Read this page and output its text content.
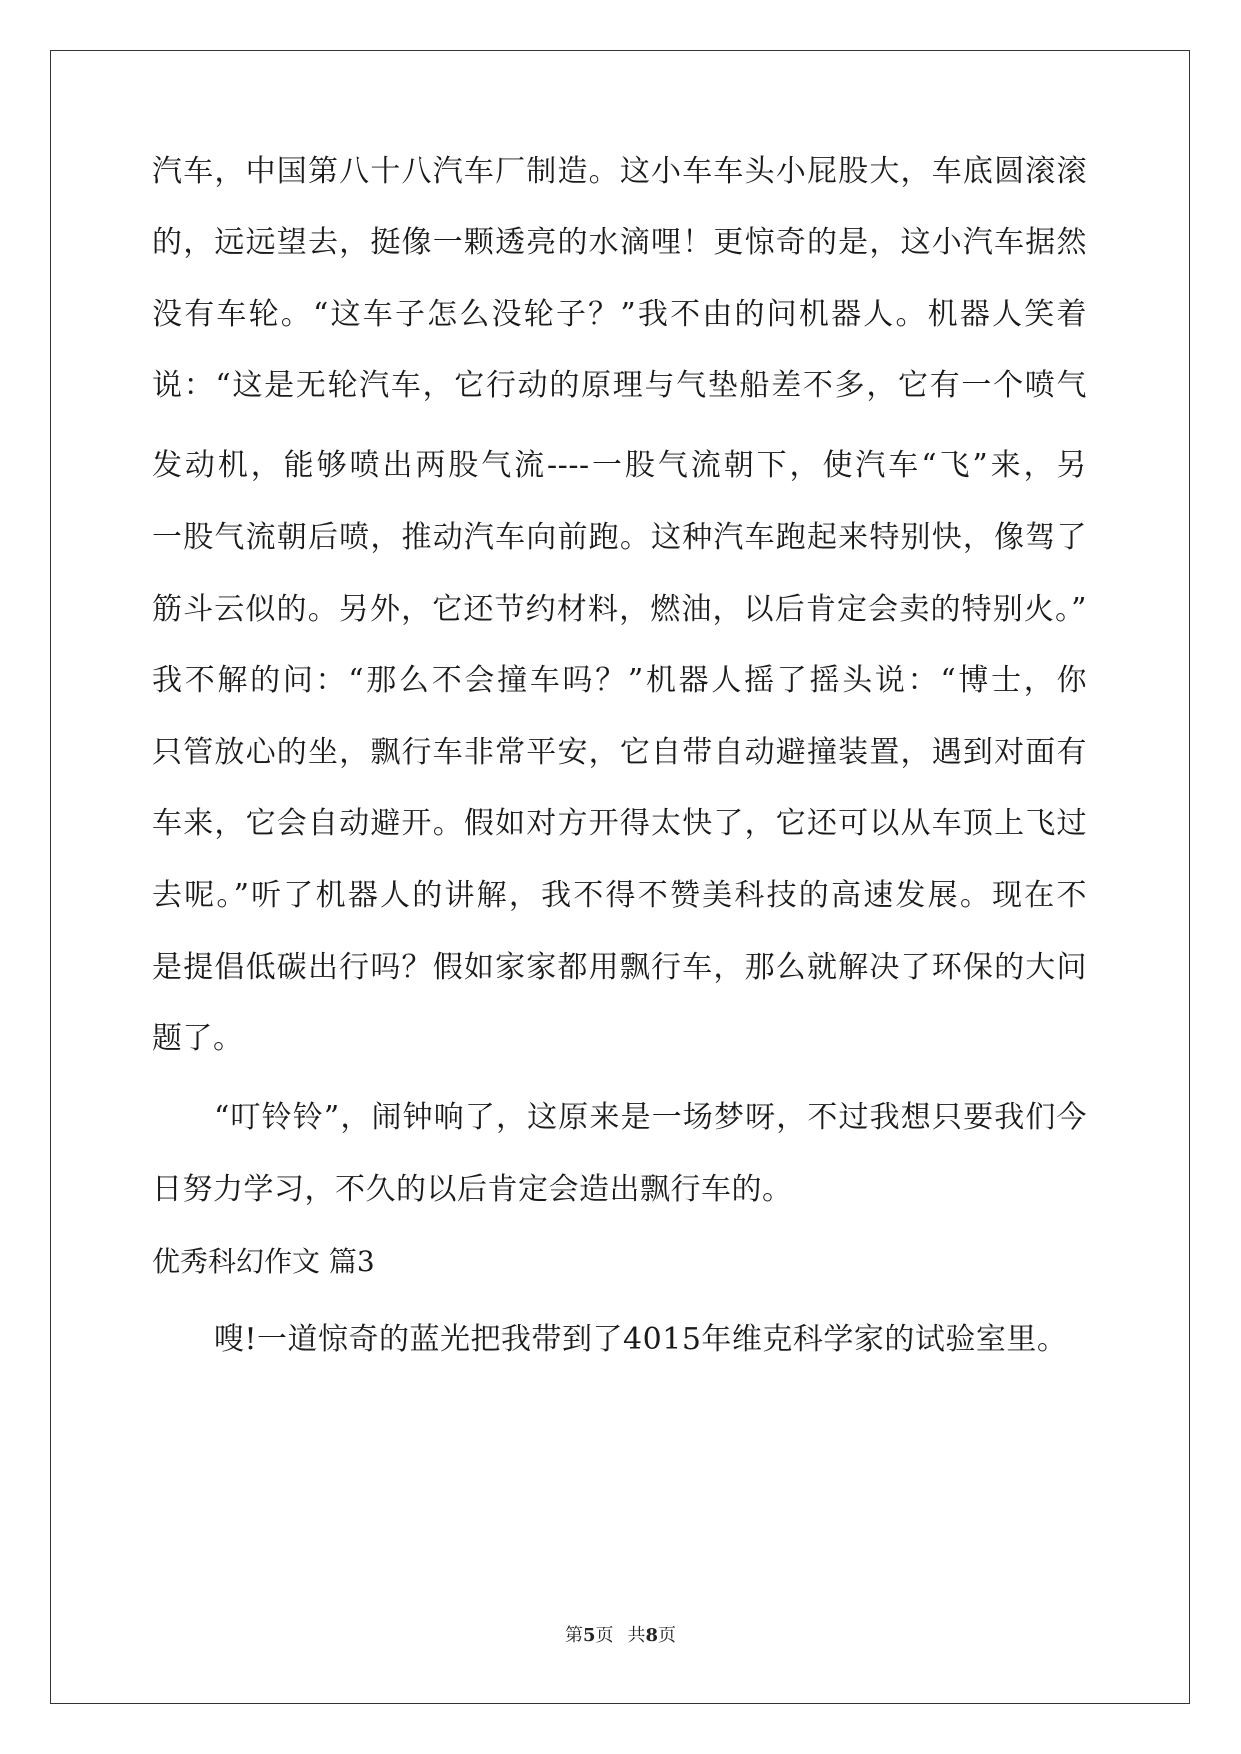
汽车，中国第八十八汽车厂制造。这小车车头小屁股大，车底圆滚滚
的，远远望去，挺像一颗透亮的水滴哩！更惊奇的是，这小汽车据然
没有车轮。“这车子怎么没轮子？”我不由的问机器人。机器人笑着
说：“这是无轮汽车，它行动的原理与气垫船差不多，它有一个喷气
发动机，能够喷出两股气流----一股气流朝下，使汽车“飞”来，另
一股气流朝后喷，推动汽车向前跑。这种汽车跑起来特别快，像驾了
筋斗云似的。另外，它还节约材料，燃油，以后肯定会卖的特别火。”
我不解的问：“那么不会撞车吗？”机器人摇了摇头说：“博士，你
只管放心的坐，飘行车非常平安，它自带自动避撞装置，遇到对面有
车来，它会自动避开。假如对方开得太快了，它还可以从车顶上飞过
去呢。”听了机器人的讲解，我不得不赞美科技的高速发展。现在不
是提倡低碳出行吗？假如家家都用飘行车，那么就解决了环保的大问
题了。
“叮铃铃”，闹钟响了，这原来是一场梦呀，不过我想只要我们今
日努力学习，不久的以后肯定会造出飘行车的。
优秀科幻作文 篇3
嗖!一道惊奇的蓝光把我带到了4015年维克科学家的试验室里。
第5页 共8页
